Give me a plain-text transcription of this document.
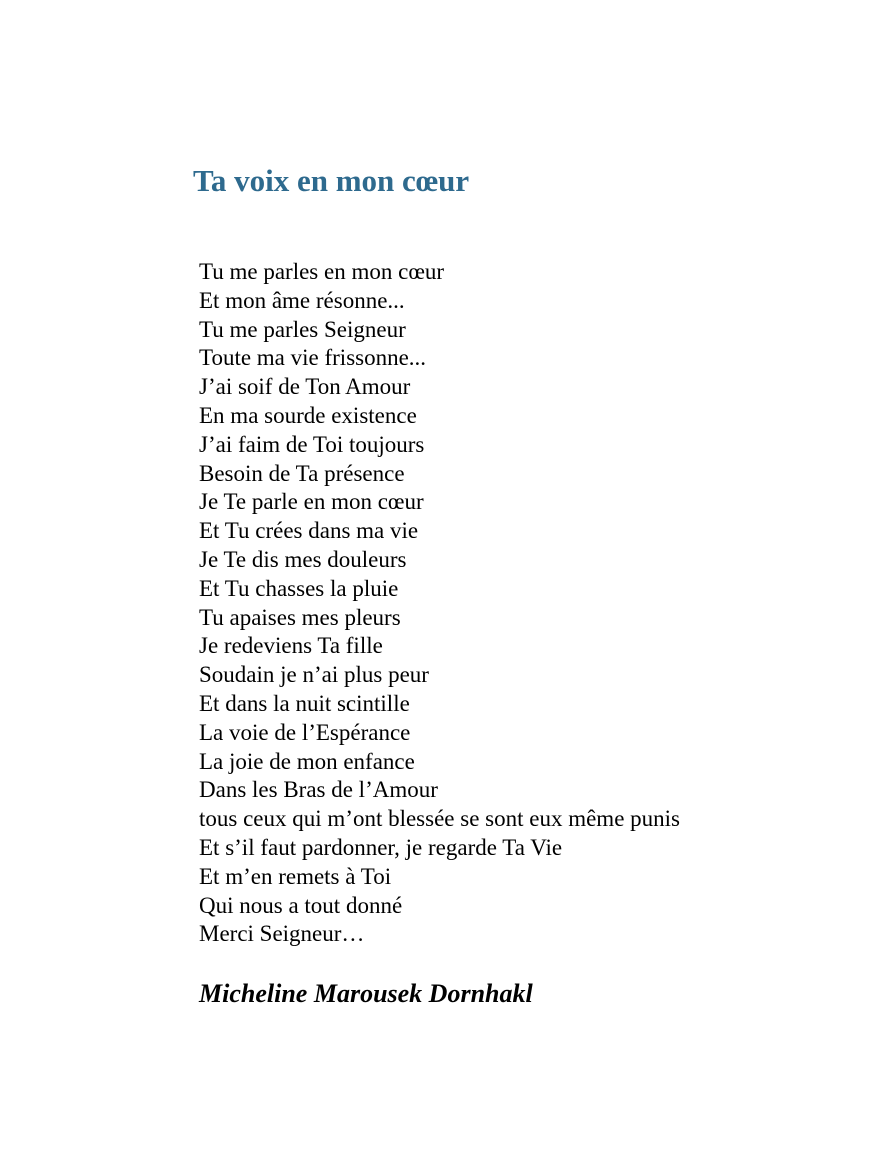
Ta voix en mon cœur
Tu me parles en mon cœur
Et mon âme résonne...
Tu me parles Seigneur
Toute ma vie frissonne...
J’ai soif de Ton Amour
En ma sourde existence
J’ai faim de Toi toujours
Besoin de Ta présence
Je Te parle en mon cœur
Et Tu crées dans ma vie
Je Te dis mes douleurs
Et Tu chasses la pluie
Tu apaises mes pleurs
Je redeviens Ta fille
Soudain je n’ai plus peur
Et dans la nuit scintille
La voie de l’Espérance
La joie de mon enfance
Dans les Bras de l’Amour
tous ceux qui m’ont blessée se sont eux même punis
Et s’il faut pardonner, je regarde Ta Vie
Et m’en remets à Toi
Qui nous a tout donné
Merci Seigneur…

Micheline Marousek Dornhakl
